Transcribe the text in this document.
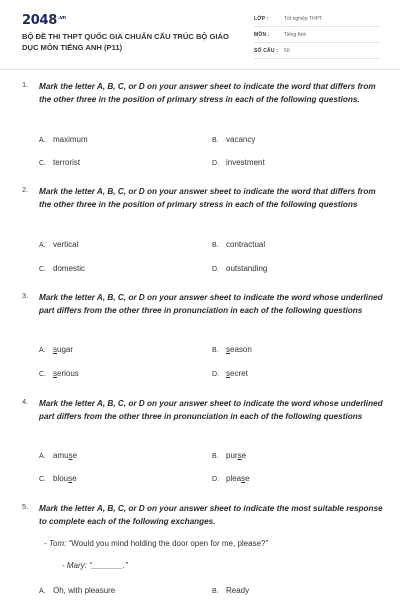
$2048^{.vn}$
BỘ ĐỀ THI THPT QUỐC GIA CHUẨN CẤU TRÚC BỘ GIÁO DỤC MÔN TIẾNG ANH (P11)
LỚP :	Tốt nghiệp THPT
MÔN :	Tiếng Anh
SỐ CÂU : 50
1. Mark the letter A, B, C, or D on your answer sheet to indicate the word that differs from the other three in the position of primary stress in each of the following questions.
A. maximum	B. vacancy
C. terrorist	D. investment
2. Mark the letter A, B, C, or D on your answer sheet to indicate the word that differs from the other three in the position of primary stress in each of the following questions
A. vertical	B. contractual
C. domestic	D. outstanding
3. Mark the letter A, B, C, or D on your answer sheet to indicate the word whose underlined part differs from the other three in pronunciation in each of the following questions
A. sugar	B. season
C. serious	D. secret
4. Mark the letter A, B, C, or D on your answer sheet to indicate the word whose underlined part differs from the other three in pronunciation in each of the following questions
A. amuse	B. purse
C. blouse	D. please
5. Mark the letter A, B, C, or D on your answer sheet to indicate the most suitable response to complete each of the following exchanges.
- Tom: “Would you mind holding the door open for me, please?”
- Mary: “_______.”
A. Oh, with pleasure	B. Ready
